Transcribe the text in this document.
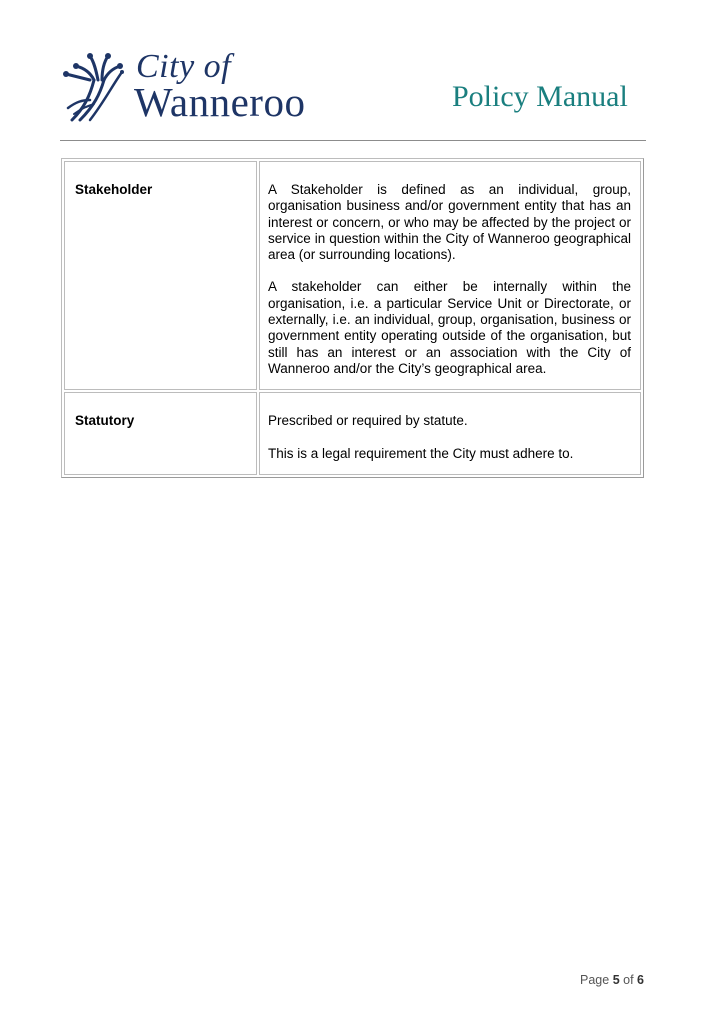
City of
Wanneroo	Policy Manual
Stakeholder	A Stakeholder is defined as an individual, group, organisation business and/or government entity that has an interest or concern, or who may be affected by the project or service in question within the City of Wanneroo geographical area (or surrounding locations).

A stakeholder can either be internally within the organisation, i.e. a particular Service Unit or Directorate, or externally, i.e. an individual, group, organisation, business or government entity operating outside of the organisation, but still has an interest or an association with the City of Wanneroo and/or the City’s geographical area.

Statutory	Prescribed or required by statute.

This is a legal requirement the City must adhere to.

Page 5 of 6
